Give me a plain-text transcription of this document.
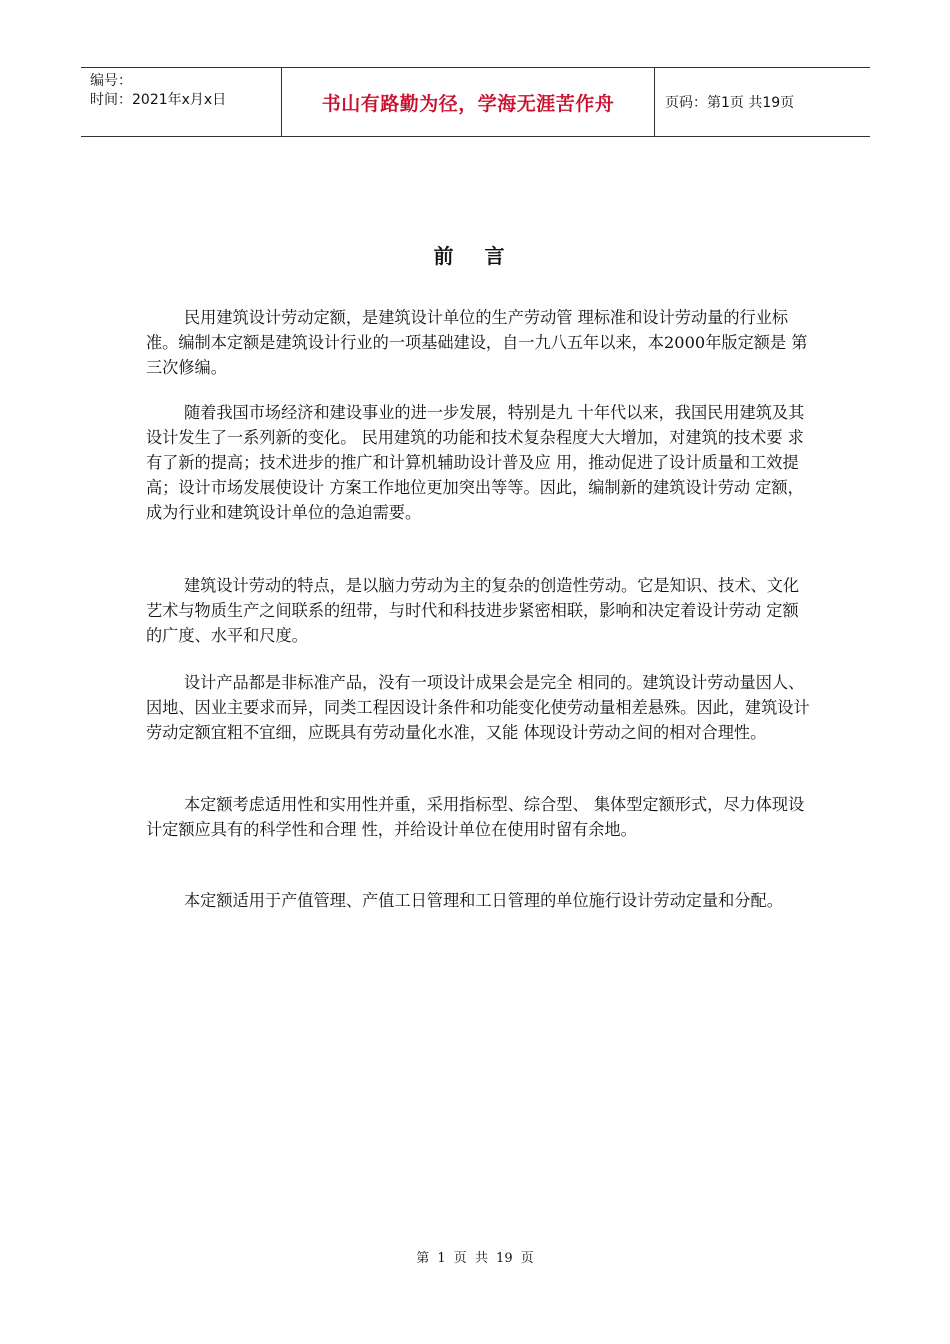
编号：
时间：2021年x月x日	书山有路勤为径，学海无涯苦作舟	页码：第1页 共19页
前 言

民用建筑设计劳动定额，是建筑设计单位的生产劳动管 理标准和设计劳动量的行业标准。编制本定额是建筑设计行业的一项基础建设，自一九八五年以来，本2000年版定额是 第三次修编。

随着我国市场经济和建设事业的进一步发展，特别是九 十年代以来，我国民用建筑及其设计发生了一系列新的变化。 民用建筑的功能和技术复杂程度大大增加，对建筑的技术要 求有了新的提高；技术进步的推广和计算机辅助设计普及应 用，推动促进了设计质量和工效提高；设计市场发展使设计 方案工作地位更加突出等等。因此，编制新的建筑设计劳动 定额，成为行业和建筑设计单位的急迫需要。

建筑设计劳动的特点，是以脑力劳动为主的复杂的创造性劳动。它是知识、技术、文化艺术与物质生产之间联系的纽带，与时代和科技进步紧密相联，影响和决定着设计劳动 定额的广度、水平和尺度。

设计产品都是非标准产品，没有一项设计成果会是完全 相同的。建筑设计劳动量因人、因地、因业主要求而异，同类工程因设计条件和功能变化使劳动量相差悬殊。因此，建筑设计劳动定额宜粗不宜细，应既具有劳动量化水准，又能 体现设计劳动之间的相对合理性。

本定额考虑适用性和实用性并重，采用指标型、综合型、 集体型定额形式，尽力体现设计定额应具有的科学性和合理 性，并给设计单位在使用时留有余地。

本定额适用于产值管理、产值工日管理和工日管理的单位施行设计劳动定量和分配。

第 1 页 共 19 页
